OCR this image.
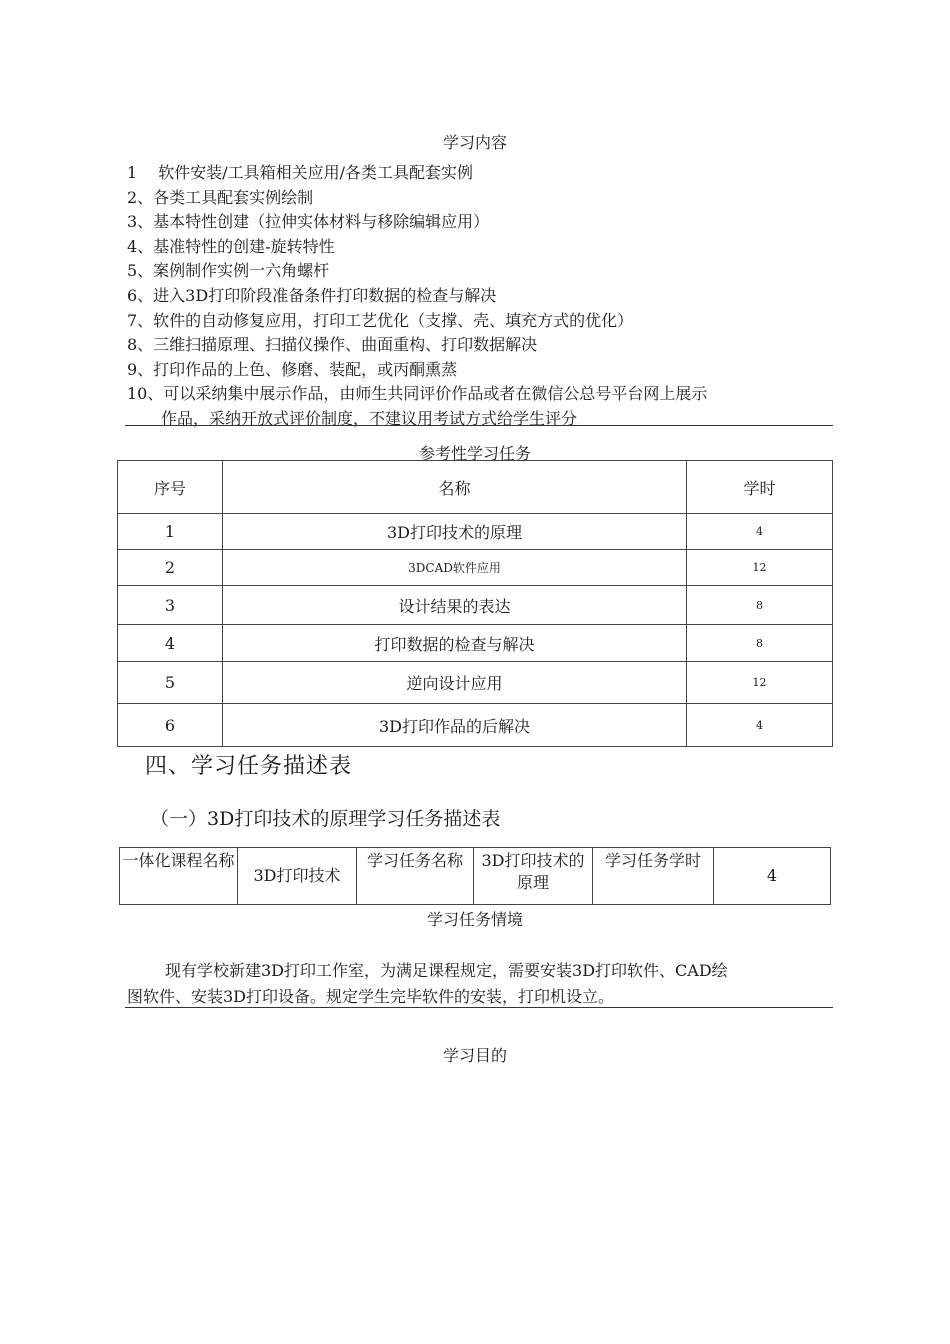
学习内容
1　 软件安装/工具箱相关应用/各类工具配套实例
2、各类工具配套实例绘制
3、基本特性创建（拉伸实体材料与移除编辑应用）
4、基准特性的创建-旋转特性
5、案例制作实例一六角螺杆
6、进入3D打印阶段准备条件打印数据的检查与解决
7、软件的自动修复应用，打印工艺优化（支撑、壳、填充方式的优化）
8、三维扫描原理、扫描仪操作、曲面重构、打印数据解决
9、打印作品的上色、修磨、装配，或丙酮熏蒸
10、可以采纳集中展示作品，由师生共同评价作品或者在微信公总号平台网上展示
作品，采纳开放式评价制度，不建议用考试方式给学生评分
参考性学习任务
序号	名称	学时
1	3D打印技术的原理	4
2	3DCAD软件应用	12
3	设计结果的表达	8
4	打印数据的检查与解决	8
5	逆向设计应用	12
6	3D打印作品的后解决	4
四、学习任务描述表
（一）3D打印技术的原理学习任务描述表
一体化课程名称	3D打印技术	学习任务名称	3D打印技术的原理	学习任务学时	4
学习任务情境
现有学校新建3D打印工作室，为满足课程规定，需要安装3D打印软件、CAD绘
图软件、安装3D打印设备。规定学生完毕软件的安装，打印机设立。
学习目的
